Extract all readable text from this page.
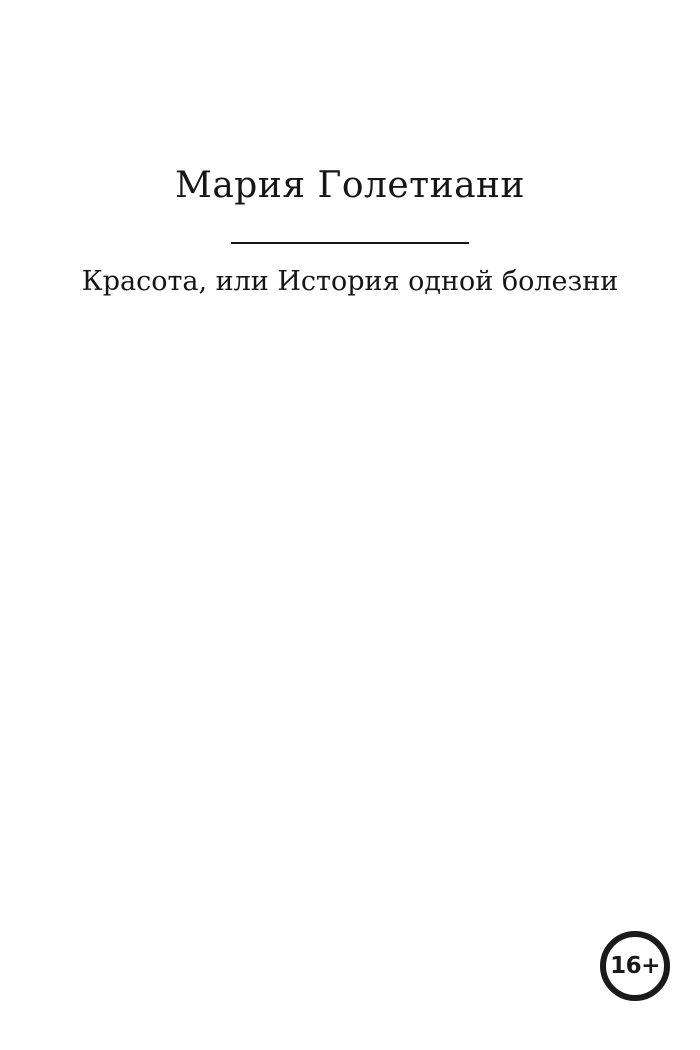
Мария Голетиани
Красота, или История одной болезни
16+
